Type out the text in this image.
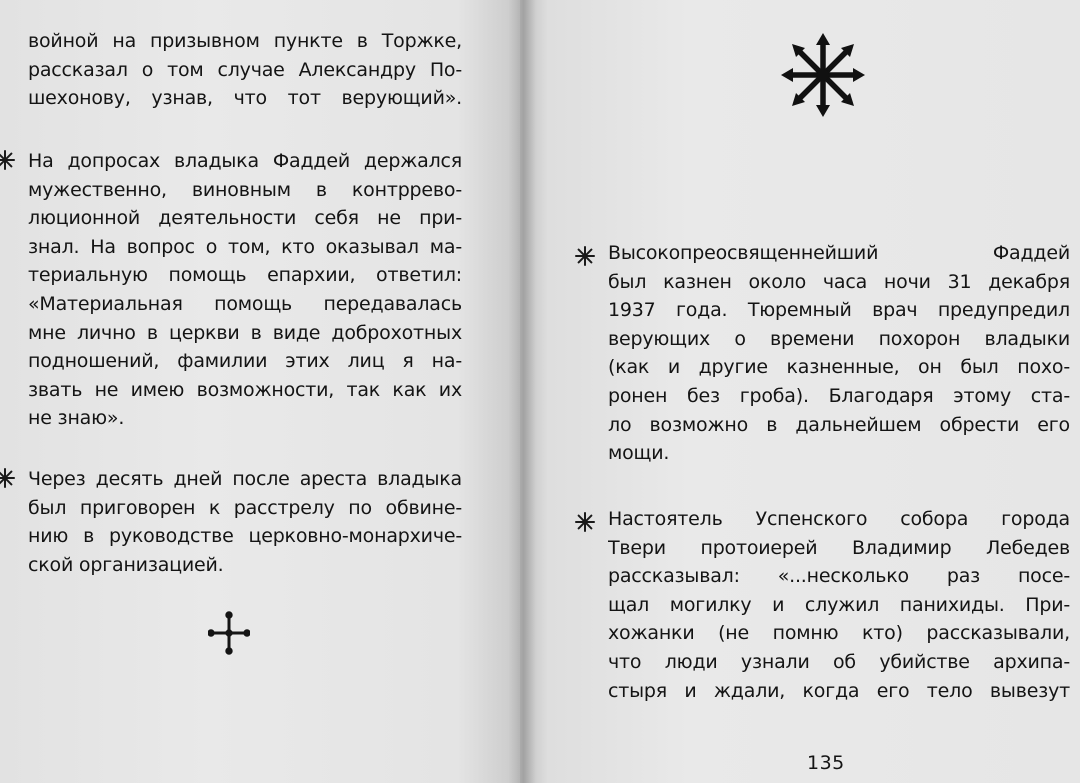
войной на призывном пункте в Торжке,
рассказал о том случае Александру По-
шехонову, узнав, что тот верующий».
На допросах владыка Фаддей держался
мужественно, виновным в контррево-
люционной деятельности себя не при-
знал. На вопрос о том, кто оказывал ма-
териальную помощь епархии, ответил:
«Материальная помощь передавалась
мне лично в церкви в виде доброхотных
подношений, фамилии этих лиц я на-
звать не имею возможности, так как их
не знаю».
Через десять дней после ареста владыка
был приговорен к расстрелу по обвине-
нию в руководстве церковно-монархиче-
ской организацией.
Высокопреосвященнейший Фаддей
был казнен около часа ночи 31 декабря
1937 года. Тюремный врач предупредил
верующих о времени похорон владыки
(как и другие казненные, он был похо-
ронен без гроба). Благодаря этому ста-
ло возможно в дальнейшем обрести его
мощи.
Настоятель Успенского собора города
Твери протоиерей Владимир Лебедев
рассказывал: «...несколько раз посе-
щал могилку и служил панихиды. При-
хожанки (не помню кто) рассказывали,
что люди узнали об убийстве архипа-
стыря и ждали, когда его тело вывезут
135
